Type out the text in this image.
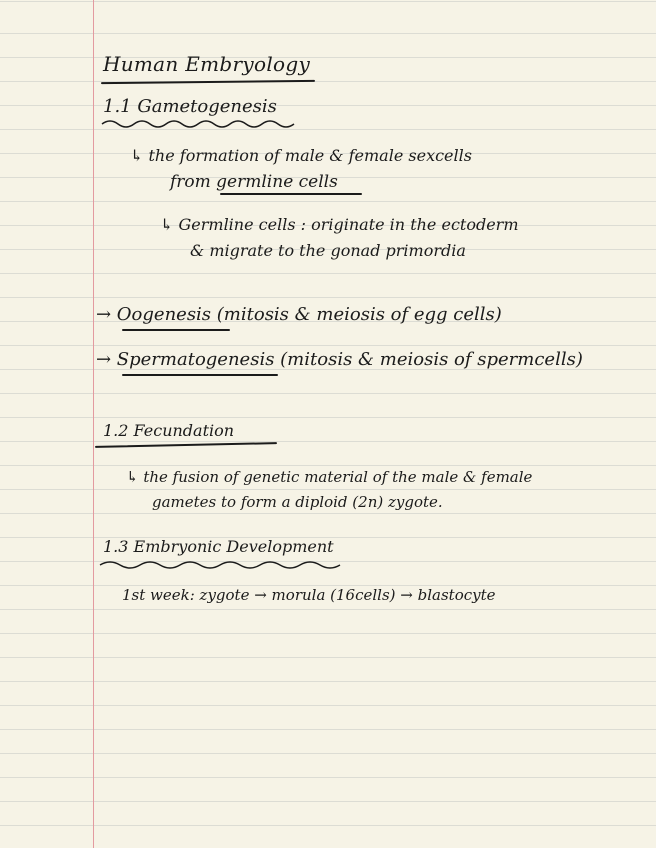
Human Embryology
1.1 Gametogenesis
↳ the formation of male & female sexcells
from germline cells
↳ Germline cells : originate in the ectoderm
& migrate to the gonad primordia
→ Oogenesis (mitosis & meiosis of egg cells)
→ Spermatogenesis (mitosis & meiosis of spermcells)
1.2 Fecundation
↳ the fusion of genetic material of the male & female
gametes to form a diploid (2n) zygote.
1.3 Embryonic Development
1st week: zygote → morula (16cells) → blastocyte
